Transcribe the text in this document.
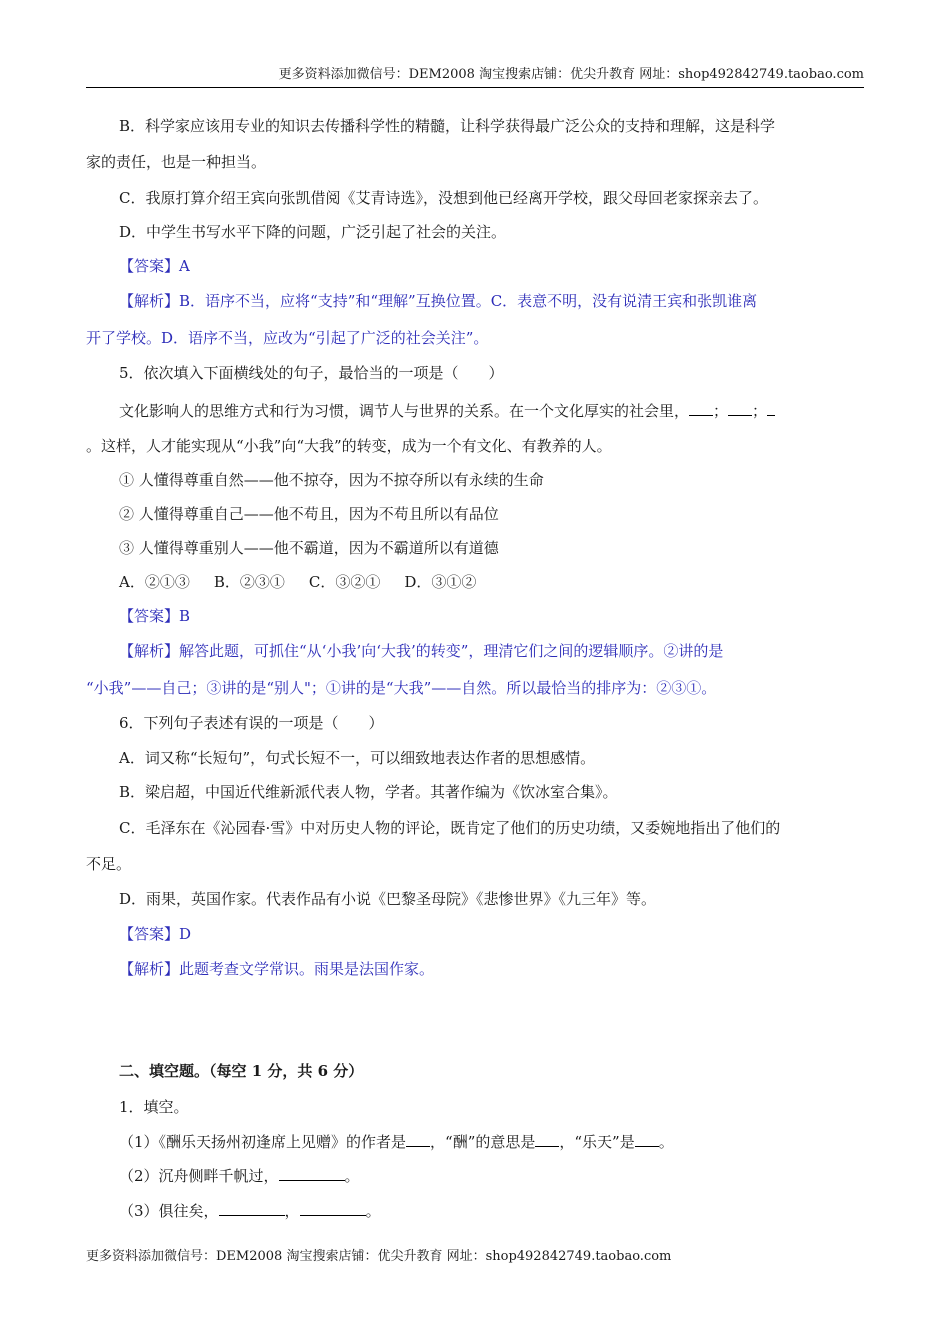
更多资料添加微信号：DEM2008 淘宝搜索店铺：优尖升教育 网址：shop492842749.taobao.com
B．科学家应该用专业的知识去传播科学性的精髓，让科学获得最广泛公众的支持和理解，这是科学
家的责任，也是一种担当。
C．我原打算介绍王宾向张凯借阅《艾青诗选》，没想到他已经离开学校，跟父母回老家探亲去了。
D．中学生书写水平下降的问题，广泛引起了社会的关注。
【答案】A
【解析】B．语序不当，应将“支持”和“理解”互换位置。C．表意不明，没有说清王宾和张凯谁离
开了学校。D．语序不当，应改为“引起了广泛的社会关注”。
5．依次填入下面横线处的句子，最恰当的一项是（　　）
文化影响人的思维方式和行为习惯，调节人与世界的关系。在一个文化厚实的社会里， ； ；
。这样，人才能实现从“小我”向“大我”的转变，成为一个有文化、有教养的人。
① 人懂得尊重自然——他不掠夺，因为不掠夺所以有永续的生命
② 人懂得尊重自己——他不苟且，因为不苟且所以有品位
③ 人懂得尊重别人——他不霸道，因为不霸道所以有道德
A．②①③ B．②③① C．③②① D．③①②
【答案】B
【解析】解答此题，可抓住“从‘小我’向‘大我’的转变”，理清它们之间的逻辑顺序。②讲的是
“小我”——自己；③讲的是“别人"；①讲的是“大我”——自然。所以最恰当的排序为：②③①。
6．下列句子表述有误的一项是（　　）
A．词又称“长短句”，句式长短不一，可以细致地表达作者的思想感情。
B．梁启超，中国近代维新派代表人物，学者。其著作编为《饮冰室合集》。
C．毛泽东在《沁园春·雪》中对历史人物的评论，既肯定了他们的历史功绩，又委婉地指出了他们的
不足。
D．雨果，英国作家。代表作品有小说《巴黎圣母院》《悲惨世界》《九三年》等。
【答案】D
【解析】此题考查文学常识。雨果是法国作家。
二、填空题。（每空 1 分，共 6 分）
1．填空。
（1）《酬乐天扬州初逢席上见赠》的作者是 ，“酬”的意思是 ，“乐天”是 。
（2）沉舟侧畔千帆过，	。
（3）俱往矣，	，	。
更多资料添加微信号：DEM2008 淘宝搜索店铺：优尖升教育 网址：shop492842749.taobao.com
